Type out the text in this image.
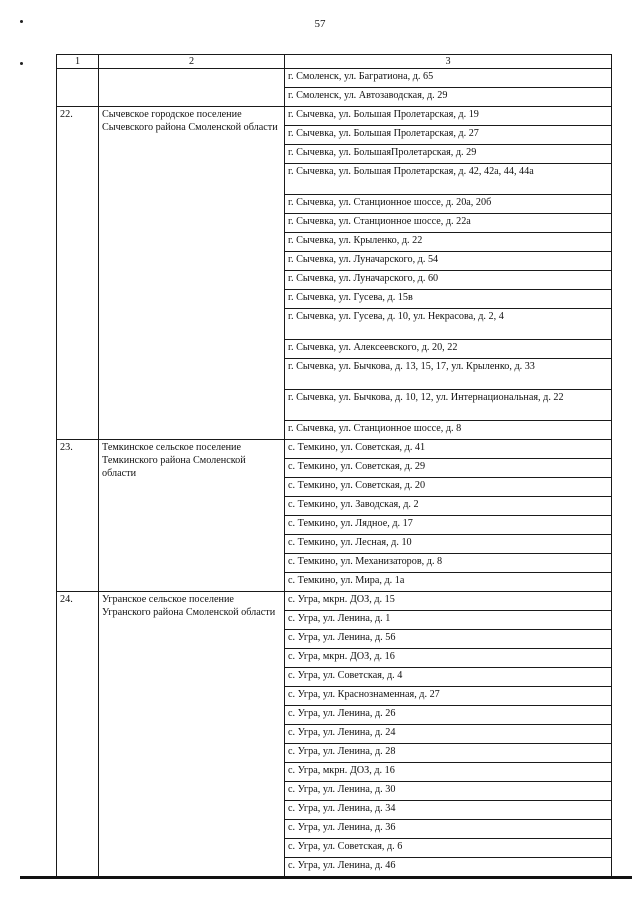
57
1	2	3
		г. Смоленск, ул. Багратиона, д. 65
		г. Смоленск, ул. Автозаводская, д. 29
22.	Сычевское городское поселение Сычевского района Смоленской области	г. Сычевка, ул. Большая Пролетарская, д. 19
		г. Сычевка, ул. Большая Пролетарская, д. 27
		г. Сычевка, ул. БольшаяПролетарская, д. 29
		г. Сычевка, ул. Большая Пролетарская, д. 42, 42а, 44, 44а
		г. Сычевка, ул. Станционное шоссе, д. 20а, 20б
		г. Сычевка, ул. Станционное шоссе, д. 22а
		г. Сычевка, ул. Крыленко, д. 22
		г. Сычевка, ул. Луначарского, д. 54
		г. Сычевка, ул. Луначарского, д. 60
		г. Сычевка, ул. Гусева, д. 15в
		г. Сычевка, ул. Гусева, д. 10, ул. Некрасова, д. 2, 4
		г. Сычевка, ул. Алексеевского, д. 20, 22
		г. Сычевка, ул. Бычкова, д. 13, 15, 17, ул. Крыленко, д. 33
		г. Сычевка, ул. Бычкова, д. 10, 12, ул. Интернациональная, д. 22
		г. Сычевка, ул. Станционное шоссе, д. 8
23.	Темкинское сельское поселение Темкинского района Смоленской области	с. Темкино, ул. Советская, д. 41
		с. Темкино, ул. Советская, д. 29
		с. Темкино, ул. Советская, д. 20
		с. Темкино, ул. Заводская, д. 2
		с. Темкино, ул. Лядное, д. 17
		с. Темкино, ул. Лесная, д. 10
		с. Темкино, ул. Механизаторов, д. 8
		с. Темкино, ул. Мира, д. 1а
24.	Угранское сельское поселение Угранского района Смоленской области	с. Угра, мкрн. ДОЗ, д. 15
		с. Угра, ул. Ленина, д. 1
		с. Угра, ул. Ленина, д. 56
		с. Угра, мкрн. ДОЗ, д. 16
		с. Угра, ул. Советская, д. 4
		с. Угра, ул. Краснознаменная, д. 27
		с. Угра, ул. Ленина, д. 26
		с. Угра, ул. Ленина, д. 24
		с. Угра, ул. Ленина, д. 28
		с. Угра, мкрн. ДОЗ, д. 16
		с. Угра, ул. Ленина, д. 30
		с. Угра, ул. Ленина, д. 34
		с. Угра, ул. Ленина, д. 36
		с. Угра, ул. Советская, д. 6
		с. Угра, ул. Ленина, д. 46
